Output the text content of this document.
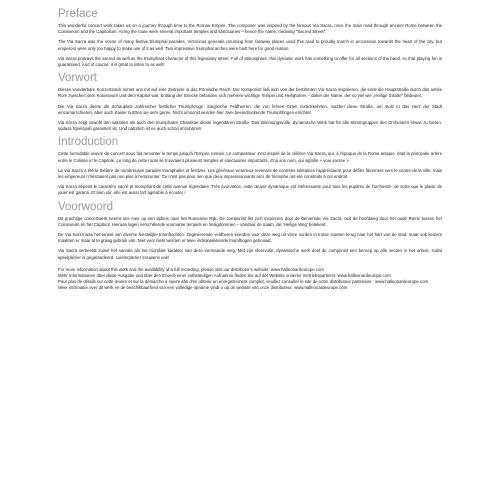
Preface

This wonderful concert work takes us on a journey through time to the Roman Empire. The composer was inspired by the famous Via Sacra, once the main road through ancient Rome between the Colosseum and the Capitolium. Along the route were several important temples and sanctuaries – hence the name, meaning "Sacred Street".

The Via Sacra was the scene of many festive triumphal parades. Victorious generals returning from faraway places used this road to proudly march in procession towards the heart of the city, but emperors were only too happy to make use of it as well. Two impressive triumphal arches were built here for good reason.

Via Sacra portrays the sacred as well as the triumphant character of this legendary street. Full of atmosphere, this dynamic work has something to offer for all sections of the band, so that playing fun is guaranteed. And of course, it is great to listen to as well!

Vorwort

Dieses wunderbare Konzertstück nimmt uns mit auf eine Zeitreise in das Römische Reich. Der Komponist ließ sich von der berühmten Via Sacra inspirieren, die einst die Hauptstraße durch das antike Rom zwischen dem Kolosseum und dem Kapitol war. Entlang der Strecke befanden sich mehrere wichtige Tempel und Heiligtümer – daher der Name, der so viel wie „Heilige Straße“ bedeutet.

Die Via Sacra diente als Schauplatz zahlreicher festlicher Triumphzüge. Siegreiche Feldherren, die von fernen Orten zurückkehrten, nutzten diese Straße, um stolz in das Herz der Stadt einzumarschieren, aber auch Kaiser nutzten sie sehr gerne. Nicht umsonst wurden hier zwei beeindruckende Triumphbögen errichtet.

Via Sacra zeigt sowohl den sakralen als auch den triumphalen Charakter dieser legendären Straße. Das stimmungsvolle, dynamische Werk hat für alle Stimmgruppen des Orchesters etwas zu bieten, sodass Spielspaß garantiert ist. Und natürlich ist es auch schön anzuhören!

Introduction

Cette formidable œuvre de concert nous fait remonter le temps jusqu'à l'Empire romain. Le compositeur s'est inspiré de la célèbre Via Sacra, qui, à l'époque de la Rome antique, était la principale artère entre le Colisée et le Capitole. Le long de cette route se trouvaient plusieurs temples et sanctuaires importants, d'où son nom, qui signifie « voie sacrée ».

La Via Sacra a été le théâtre de nombreuses parades triomphales et festives. Les généraux victorieux revenant de contrées lointaines l'appréciaient pour défiler fièrement vers le centre de la ville, mais les empereurs n'hésitaient pas non plus à l'emprunter. Ce n'est pas pour rien que deux impressionnants arcs de triomphe ont été construits à cet endroit.

Via Sacra dépeint le caractère sacré et triomphant de cette avenue légendaire. Très évocatrice, cette œuvre dynamique est intéressante pour tous les pupitres de l'orchestre, de sorte que le plaisir de jouer est garanti. Et bien sûr, elle est aussi fort agréable à écouter !

Voorwoord

Dit prachtige concertwerk neemt ons mee op een tijdreis naar het Romeinse Rijk. De componist liet zich inspireren door de beroemde Via Sacra, ooit de hoofdweg door het oude Rome tussen het Colosseum en het Capitool. Hieraan lagen verschillende voorname tempels en heiligdommen – vandaar de naam, die 'Heilige Weg' betekent.

De Via Sacra was het toneel van diverse feestelijke triomftochten. Zegevierende veldheren keerden voor deze weg uit verre oorden in trotse stoeten terug naar het hart van de stad, maar ook keizers maakten er maar al te graag gebruik van. Niet voor niets werden er twee indrukwekkende triomfbogen gebouwd.

Via Sacra verbeeldt zowel het sacrale als het triomfale karakter van deze vermaarde weg. Met zijn sfeervolle, dynamische werk doet de componist een beroep op alle secties in het orkest, zodat speelplezier is gegarandeerd. Luisterplezier trouwens ook!

For more information about this work and the availability of a full recording, please visit our distributor's website: www.halleonardeurope.com

Mehr Informationen über diese Ausgabe und über den Erwerb einer vollständigen Aufnahme finden Sie auf der Website unseres Vertriebspartners: www.halleonardeurope.com

Pour plus de détails sur cette œuvre et sur la démarche à suivre afin d'en obtenir un enregistrement complet, veuillez consulter le site de notre distributeur partenaire : www.halleonardeurope.com

Meer informatie over dit werk en de beschikbaarheid van een volledige opname vindt u op de website van onze distributeur: www.halleonardeurope.com
